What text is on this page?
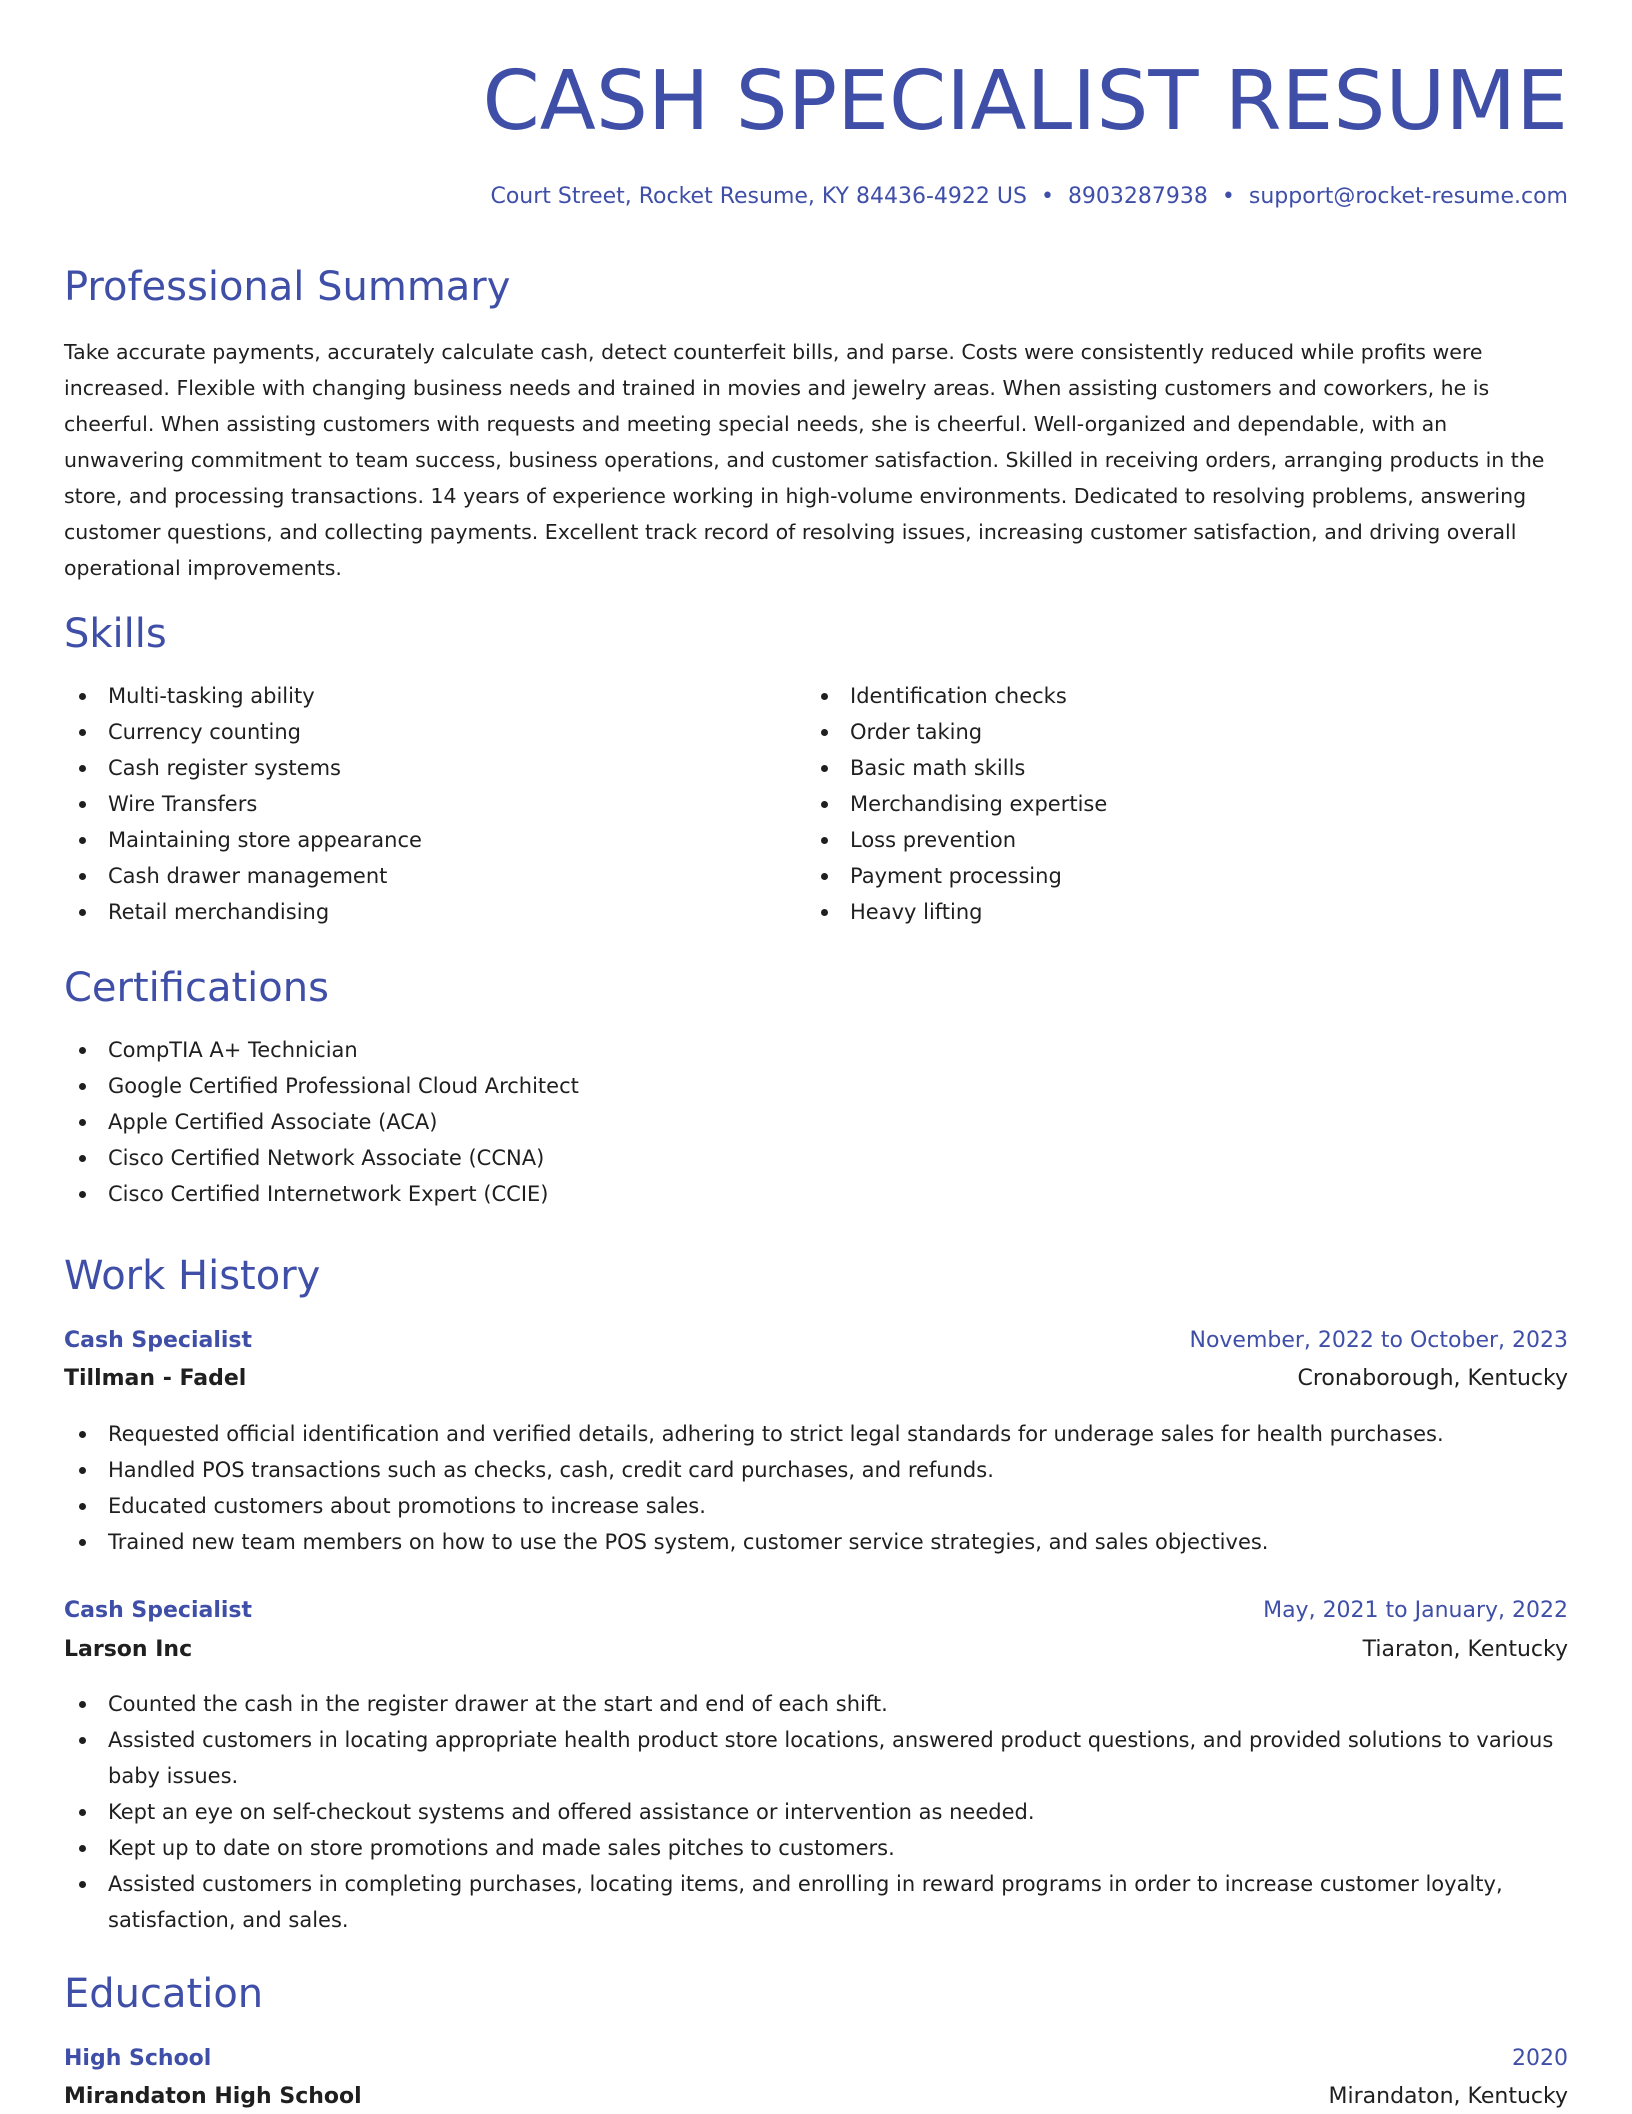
CASH SPECIALIST RESUME
Court Street, Rocket Resume, KY 84436-4922 US • 8903287938 • support@rocket-resume.com
Professional Summary

Take accurate payments, accurately calculate cash, detect counterfeit bills, and parse. Costs were consistently reduced while profits were increased. Flexible with changing business needs and trained in movies and jewelry areas. When assisting customers and coworkers, he is cheerful. When assisting customers with requests and meeting special needs, she is cheerful. Well-organized and dependable, with an unwavering commitment to team success, business operations, and customer satisfaction. Skilled in receiving orders, arranging products in the store, and processing transactions. 14 years of experience working in high-volume environments. Dedicated to resolving problems, answering customer questions, and collecting payments. Excellent track record of resolving issues, increasing customer satisfaction, and driving overall operational improvements.

Skills
Multi-tasking ability
Currency counting
Cash register systems
Wire Transfers
Maintaining store appearance
Cash drawer management
Retail merchandising
Identification checks
Order taking
Basic math skills
Merchandising expertise
Loss prevention
Payment processing
Heavy lifting
Certifications
CompTIA A+ Technician
Google Certified Professional Cloud Architect
Apple Certified Associate (ACA)
Cisco Certified Network Associate (CCNA)
Cisco Certified Internetwork Expert (CCIE)
Work History
Cash Specialist	November, 2022 to October, 2023
Tillman - Fadel	Cronaborough, Kentucky
Requested official identification and verified details, adhering to strict legal standards for underage sales for health purchases.
Handled POS transactions such as checks, cash, credit card purchases, and refunds.
Educated customers about promotions to increase sales.
Trained new team members on how to use the POS system, customer service strategies, and sales objectives.
Cash Specialist	May, 2021 to January, 2022
Larson Inc	Tiaraton, Kentucky
Counted the cash in the register drawer at the start and end of each shift.
Assisted customers in locating appropriate health product store locations, answered product questions, and provided solutions to various baby issues.
Kept an eye on self-checkout systems and offered assistance or intervention as needed.
Kept up to date on store promotions and made sales pitches to customers.
Assisted customers in completing purchases, locating items, and enrolling in reward programs in order to increase customer loyalty, satisfaction, and sales.
Education
High School	2020
Mirandaton High School	Mirandaton, Kentucky
